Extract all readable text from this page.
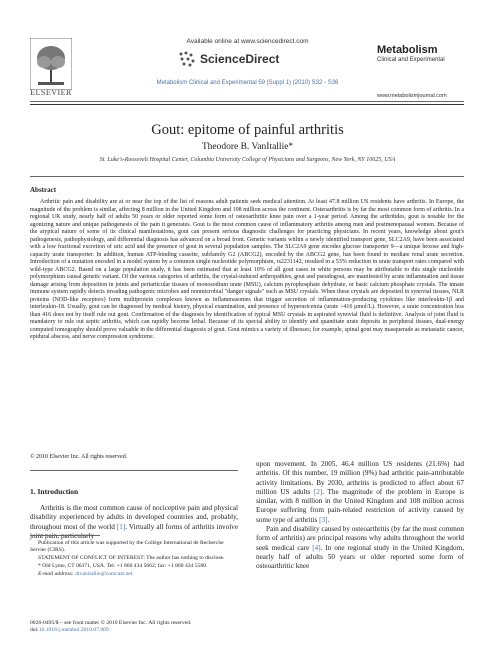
ELSEVIER
Available online at www.sciencedirect.com
ScienceDirect
Metabolism Clinical and Experimental 59 (Suppl 1) (2010) S32 - S36
Metabolism
Clinical and Experimental
www.metabolismjournal.com
Gout: epitome of painful arthritis
Theodore B. VanItallie*
St. Luke's-Roosevelt Hospital Center, Columbia University College of Physicians and Surgeons, New York, NY 10025, USA
Abstract
Arthritic pain and disability are at or near the top of the list of reasons adult patients seek medical attention. At least 47.8 million US residents have arthritis. In Europe, the magnitude of the problem is similar, affecting 8 million in the United Kingdom and 108 million across the continent. Osteoarthritis is by far the most common form of arthritis. In a regional UK study, nearly half of adults 50 years or older reported some form of osteoarthritic knee pain over a 1-year period. Among the arthritides, gout is notable for the agonizing nature and unique pathogenesis of the pain it generates. Gout is the most common cause of inflammatory arthritis among men and postmenopausal women. Because of the atypical nature of some of its clinical manifestations, gout can present serious diagnostic challenges for practicing physicians. In recent years, knowledge about gout's pathogenesis, pathophysiology, and differential diagnosis has advanced on a broad front. Genetic variants within a newly identified transport gene, SLC2A9, have been associated with a low fractional excretion of uric acid and the presence of gout in several population samples. The SLC2A9 gene encodes glucose transporter 9—a unique hexose and high-capacity urate transporter. In addition, human ATP-binding cassette, subfamily G2 (ABCG2), encoded by the ABCG2 gene, has been found to mediate renal urate secretion. Introduction of a mutation encoded in a model system by a common single nucleotide polymorphism, rs2231142, resulted in a 53% reduction in urate transport rates compared with wild-type ABCG2. Based on a large population study, it has been estimated that at least 10% of all gout cases in white persons may be attributable to this single nucleotide polymorphism causal genetic variant. Of the various categories of arthritis, the crystal-induced arthropathies, gout and pseudogout, are manifested by acute inflammation and tissue damage arising from deposition in joints and periarticular tissues of monosodium urate (MSU), calcium pyrophosphate dehydrate, or basic calcium phosphate crystals. The innate immune system rapidly detects invading pathogenic microbes and nonmicrobial "danger signals" such as MSU crystals. When these crystals are deposited in synovial tissues, NLR proteins (NOD-like receptors) form multiprotein complexes known as inflammasomes that trigger secretion of inflammation-producing cytokines like interleukin-1β and interleukin-18. Usually, gout can be diagnosed by medical history, physical examination, and presence of hyperuricemia (urate >416 μmol/L). However, a urate concentration less than 416 does not by itself rule out gout. Confirmation of the diagnosis by identification of typical MSU crystals in aspirated synovial fluid is definitive. Analysis of joint fluid is mandatory to rule out septic arthritis, which can rapidly become lethal. Because of its special ability to identify and quantitate urate deposits in peripheral tissues, dual-energy computed tomography should prove valuable in the differential diagnosis of gout. Gout mimics a variety of illnesses; for example, spinal gout may masquerade as metastatic cancer, epidural abscess, and nerve compression syndrome.
© 2010 Elsevier Inc. All rights reserved.
1. Introduction
Arthritis is the most common cause of nociceptive pain and physical disability experienced by adults in developed countries and, probably, throughout most of the world [1]. Virtually all forms of arthritis involve joint pain, particularly

upon movement. In 2005, 46.4 million US residents (21.6%) had arthritis. Of this number, 19 million (9%) had arthritic pain-attributable activity limitations. By 2030, arthritis is predicted to affect about 67 million US adults [2]. The magnitude of the problem in Europe is similar, with 8 million in the United Kingdom and 108 million across Europe suffering from pain-related restriction of activity caused by some type of arthritis [3].

Pain and disability caused by osteoarthritis (by far the most common form of arthritis) are principal reasons why adults throughout the world seek medical care [4]. In one regional study in the United Kingdom, nearly half of adults 50 years or older reported some form of osteoarthritic knee

Publication of this article was supported by the Collège International de Recherche Servier (CIRS).

STATEMENT OF CONFLICT OF INTEREST: The author has nothing to disclose.

* Old Lyme, CT 06371, USA. Tel: +1 860 434 5662; fax: +1 860 434 5580.

E-mail address: drvanitallie@comcast.net.

0026-0495/$ – see front matter © 2010 Elsevier Inc. All rights reserved.
doi:10.1016/j.metabol.2010.07.009
